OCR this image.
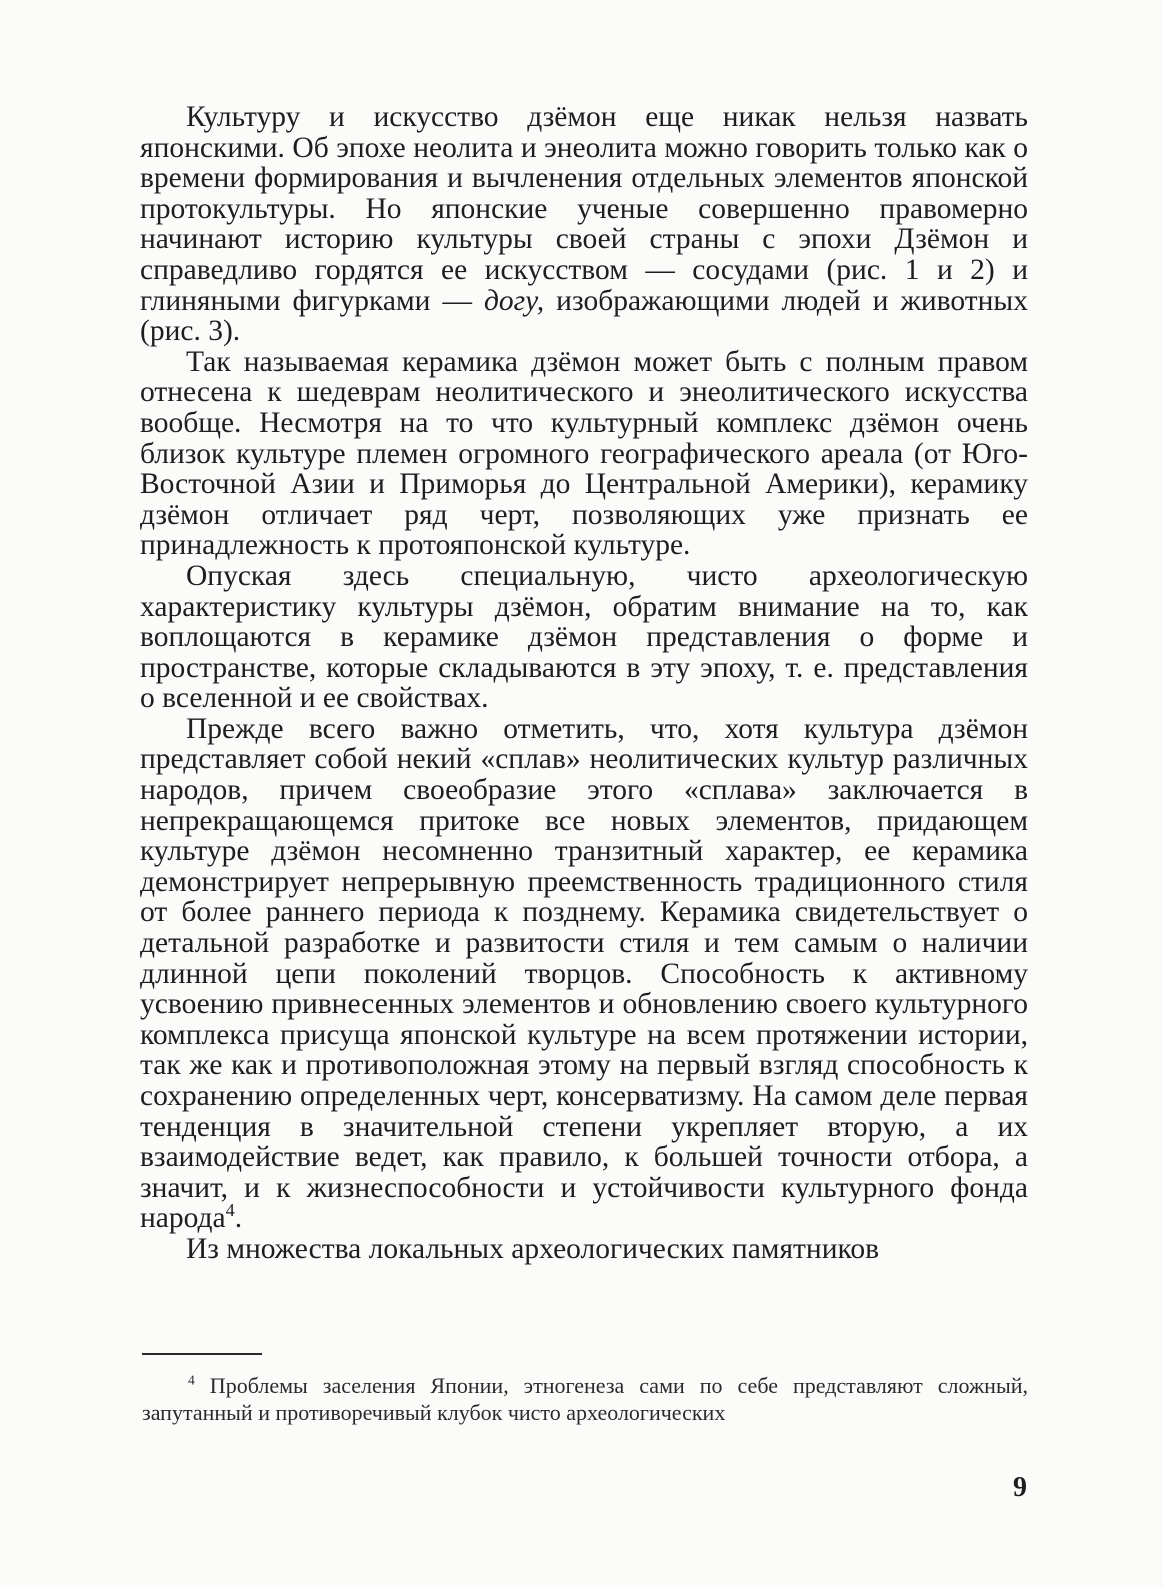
Культуру и искусство дзёмон еще никак нельзя назвать японскими. Об эпохе неолита и энеолита можно говорить только как о времени формирования и вычленения отдельных элементов японской протокультуры. Но японские ученые совершенно правомерно начинают историю культуры своей страны с эпохи Дзёмон и справедливо гордятся ее искусством — сосудами (рис. 1 и 2) и глиняными фигурками — догу, изображающими людей и животных (рис. 3).

Так называемая керамика дзёмон может быть с полным правом отнесена к шедеврам неолитического и энеолитического искусства вообще. Несмотря на то что культурный комплекс дзёмон очень близок культуре племен огромного географического ареала (от Юго-Восточной Азии и Приморья до Центральной Америки), керамику дзёмон отличает ряд черт, позволяющих уже признать ее принадлежность к протояпонской культуре.

Опуская здесь специальную, чисто археологическую характеристику культуры дзёмон, обратим внимание на то, как воплощаются в керамике дзёмон представления о форме и пространстве, которые складываются в эту эпоху, т. е. представления о вселенной и ее свойствах.

Прежде всего важно отметить, что, хотя культура дзёмон представляет собой некий «сплав» неолитических культур различных народов, причем своеобразие этого «сплава» заключается в непрекращающемся притоке все новых элементов, придающем культуре дзёмон несомненно транзитный характер, ее керамика демонстрирует непрерывную преемственность традиционного стиля от более раннего периода к позднему. Керамика свидетельствует о детальной разработке и развитости стиля и тем самым о наличии длинной цепи поколений творцов. Способность к активному усвоению привнесенных элементов и обновлению своего культурного комплекса присуща японской культуре на всем протяжении истории, так же как и противоположная этому на первый взгляд способность к сохранению определенных черт, консерватизму. На самом деле первая тенденция в значительной степени укрепляет вторую, а их взаимодействие ведет, как правило, к большей точности отбора, а значит, и к жизнеспособности и устойчивости культурного фонда народа$^4$.

Из множества локальных археологических памятников

$^4$ Проблемы заселения Японии, этногенеза сами по себе представляют сложный, запутанный и противоречивый клубок чисто археологических
9
